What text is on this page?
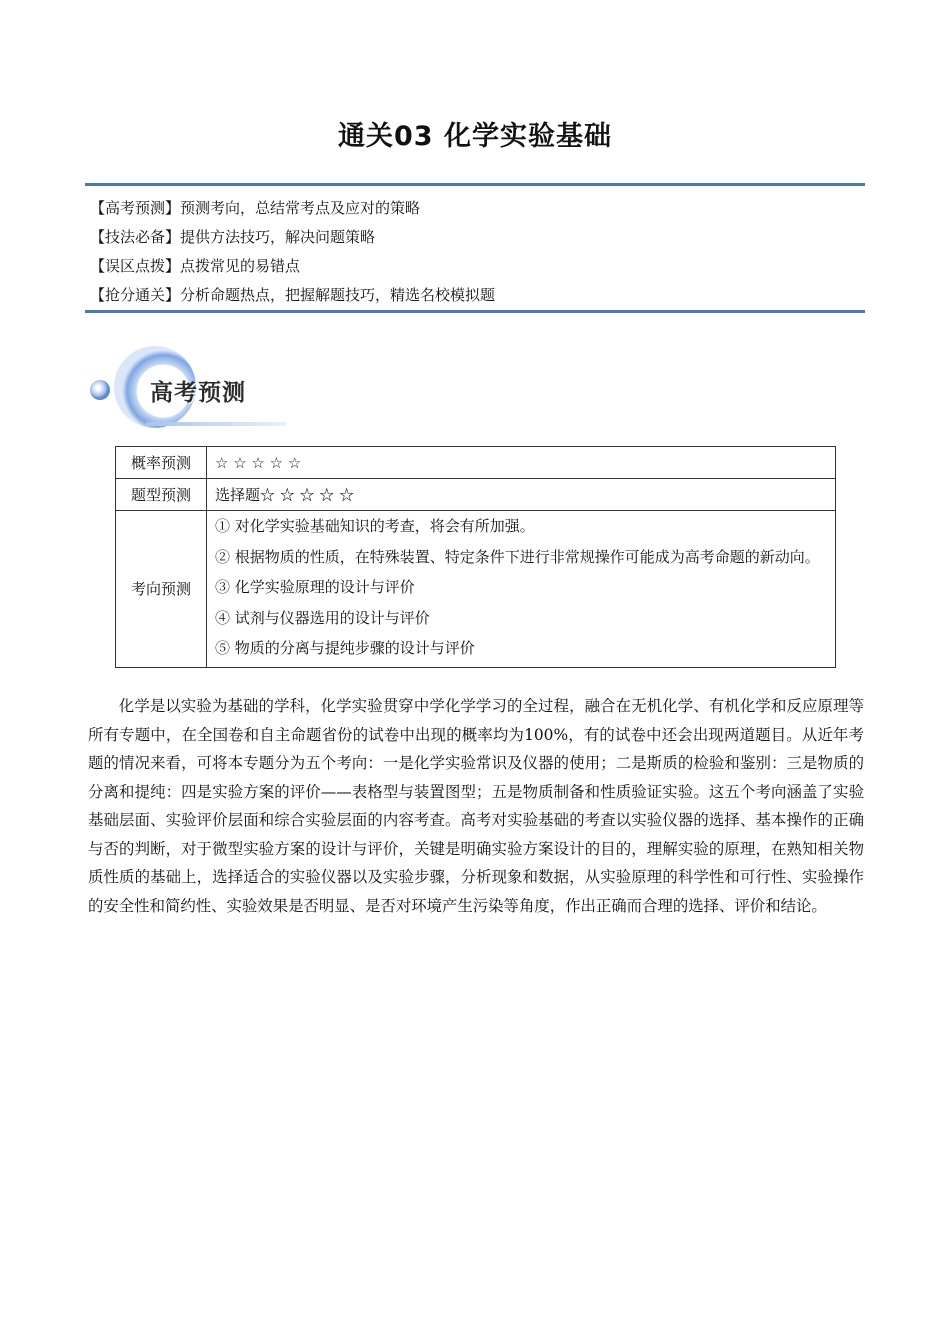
通关03 化学实验基础
【高考预测】预测考向，总结常考点及应对的策略
【技法必备】提供方法技巧，解决问题策略
【误区点拨】点拨常见的易错点
【抢分通关】分析命题热点，把握解题技巧，精选名校模拟题
高考预测
概率预测	☆ ☆ ☆ ☆ ☆
题型预测	选择题☆ ☆ ☆ ☆ ☆
考向预测	① 对化学实验基础知识的考查，将会有所加强。
② 根据物质的性质，在特殊装置、特定条件下进行非常规操作可能成为高考命题的新动向。
③ 化学实验原理的设计与评价
④ 试剂与仪器选用的设计与评价
⑤ 物质的分离与提纯步骤的设计与评价
化学是以实验为基础的学科，化学实验贯穿中学化学学习的全过程，融合在无机化学、有机化学和反应原理等所有专题中，在全国卷和自主命题省份的试卷中出现的概率均为100%，有的试卷中还会出现两道题目。从近年考题的情况来看，可将本专题分为五个考向：一是化学实验常识及仪器的使用；二是斯质的检验和鉴别：三是物质的分离和提纯：四是实验方案的评价——表格型与装置图型；五是物质制备和性质验证实验。这五个考向涵盖了实验基础层面、实验评价层面和综合实验层面的内容考查。高考对实验基础的考查以实验仪器的选择、基本操作的正确与否的判断，对于微型实验方案的设计与评价，关键是明确实验方案设计的目的，理解实验的原理，在熟知相关物质性质的基础上，选择适合的实验仪器以及实验步骤，分析现象和数据，从实验原理的科学性和可行性、实验操作的安全性和简约性、实验效果是否明显、是否对环境产生污染等角度，作出正确而合理的选择、评价和结论。
